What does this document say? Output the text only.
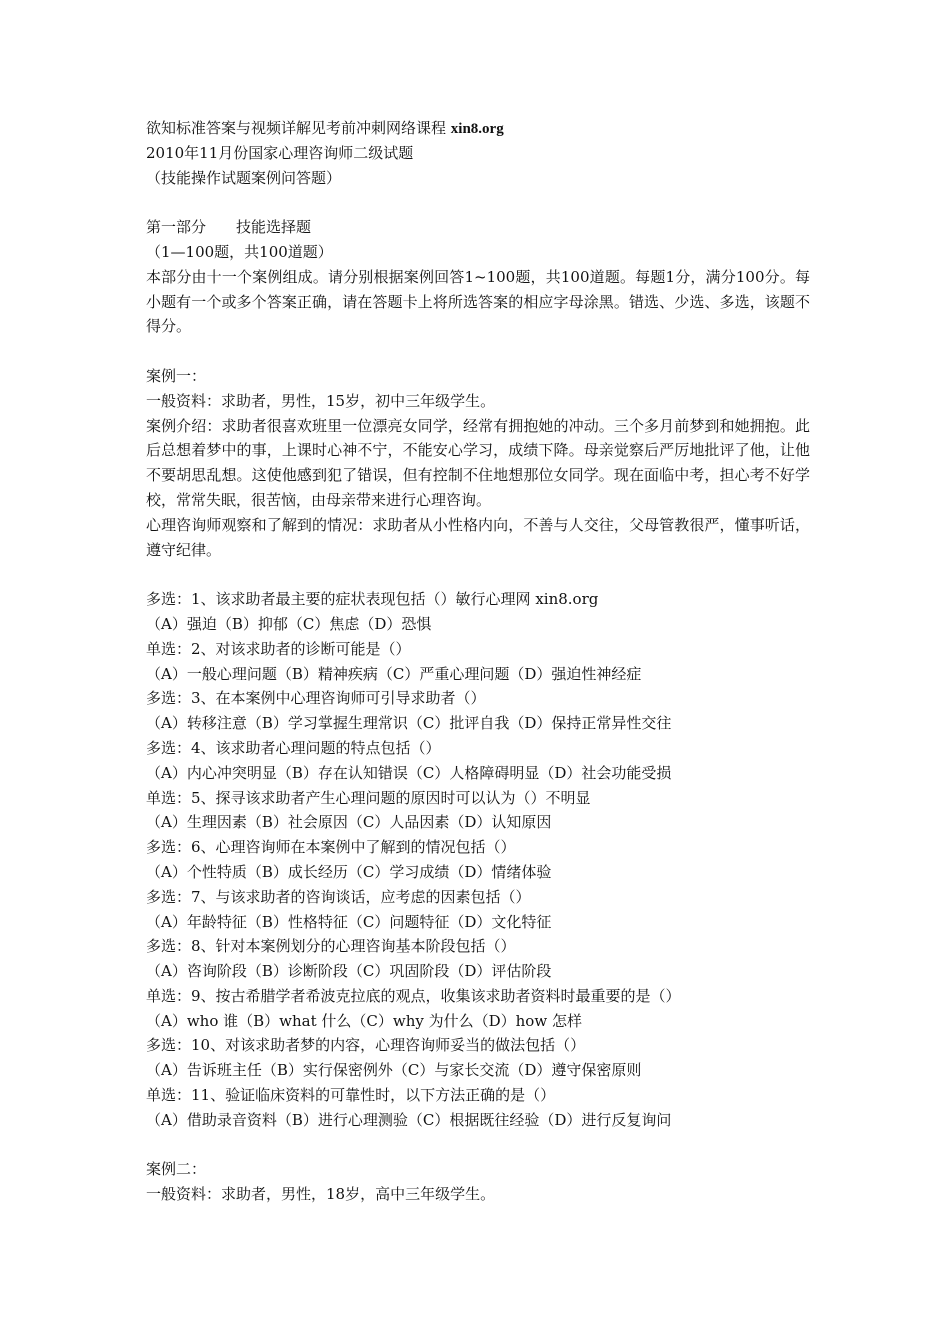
欲知标准答案与视频详解见考前冲刺网络课程 xin8.org
2010年11月份国家心理咨询师二级试题
（技能操作试题案例问答题）
第一部分　　技能选择题
（1—100题，共100道题）
本部分由十一个案例组成。请分别根据案例回答1~100题，共100道题。每题1分，满分100分。每小题有一个或多个答案正确，请在答题卡上将所选答案的相应字母涂黑。错选、少选、多选，该题不得分。
案例一：
一般资料：求助者，男性，15岁，初中三年级学生。
案例介绍：求助者很喜欢班里一位漂亮女同学，经常有拥抱她的冲动。三个多月前梦到和她拥抱。此后总想着梦中的事，上课时心神不宁，不能安心学习，成绩下降。母亲觉察后严厉地批评了他，让他不要胡思乱想。这使他感到犯了错误，但有控制不住地想那位女同学。现在面临中考，担心考不好学校，常常失眠，很苦恼，由母亲带来进行心理咨询。
心理咨询师观察和了解到的情况：求助者从小性格内向，不善与人交往，父母管教很严，懂事听话，遵守纪律。
多选：1、该求助者最主要的症状表现包括（）敏行心理网 xin8.org
（A）强迫（B）抑郁（C）焦虑（D）恐惧
单选：2、对该求助者的诊断可能是（）
（A）一般心理问题（B）精神疾病（C）严重心理问题（D）强迫性神经症
多选：3、在本案例中心理咨询师可引导求助者（）
（A）转移注意（B）学习掌握生理常识（C）批评自我（D）保持正常异性交往
多选：4、该求助者心理问题的特点包括（）
（A）内心冲突明显（B）存在认知错误（C）人格障碍明显（D）社会功能受损
单选：5、探寻该求助者产生心理问题的原因时可以认为（）不明显
（A）生理因素（B）社会原因（C）人品因素（D）认知原因
多选：6、心理咨询师在本案例中了解到的情况包括（）
（A）个性特质（B）成长经历（C）学习成绩（D）情绪体验
多选：7、与该求助者的咨询谈话，应考虑的因素包括（）
（A）年龄特征（B）性格特征（C）问题特征（D）文化特征
多选：8、针对本案例划分的心理咨询基本阶段包括（）
（A）咨询阶段（B）诊断阶段（C）巩固阶段（D）评估阶段
单选：9、按古希腊学者希波克拉底的观点，收集该求助者资料时最重要的是（）
（A）who 谁（B）what 什么（C）why 为什么（D）how 怎样
多选：10、对该求助者梦的内容，心理咨询师妥当的做法包括（）
（A）告诉班主任（B）实行保密例外（C）与家长交流（D）遵守保密原则
单选：11、验证临床资料的可靠性时，以下方法正确的是（）
（A）借助录音资料（B）进行心理测验（C）根据既往经验（D）进行反复询问
案例二：
一般资料：求助者，男性，18岁，高中三年级学生。
